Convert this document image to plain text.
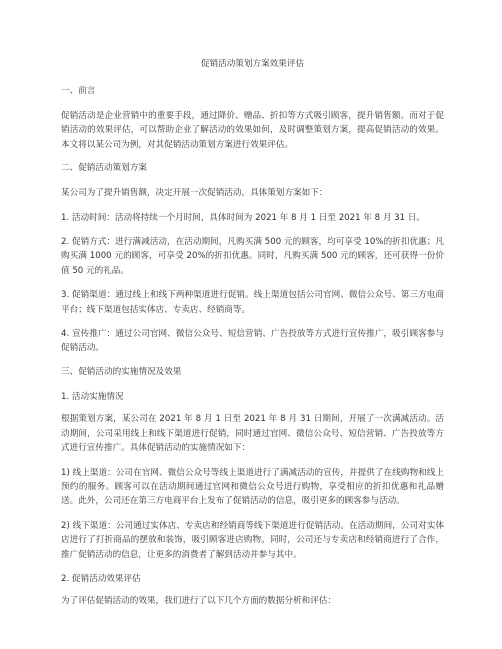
促销活动策划方案效果评估
一、前言
促销活动是企业营销中的重要手段，通过降价、赠品、折扣等方式吸引顾客，提升销售额。而对于促销活动的效果评估，可以帮助企业了解活动的效果如何，及时调整策划方案，提高促销活动的效果。本文将以某公司为例，对其促销活动策划方案进行效果评估。
二、促销活动策划方案
某公司为了提升销售额，决定开展一次促销活动，具体策划方案如下：
1. 活动时间：活动将持续一个月时间，具体时间为 2021 年 8 月 1 日至 2021 年 8 月 31 日。
2. 促销方式：进行满减活动，在活动期间，凡购买满 500 元的顾客，均可享受 10%的折扣优惠；凡购买满 1000 元的顾客，可享受 20%的折扣优惠。同时，凡购买满 500 元的顾客，还可获得一份价值 50 元的礼品。
3. 促销渠道：通过线上和线下两种渠道进行促销。线上渠道包括公司官网、微信公众号、第三方电商平台；线下渠道包括实体店、专卖店、经销商等。
4. 宣传推广：通过公司官网、微信公众号、短信营销、广告投放等方式进行宣传推广，吸引顾客参与促销活动。
三、促销活动的实施情况及效果
1. 活动实施情况
根据策划方案，某公司在 2021 年 8 月 1 日至 2021 年 8 月 31 日期间，开展了一次满减活动。活动期间，公司采用线上和线下渠道进行促销，同时通过官网、微信公众号、短信营销、广告投放等方式进行宣传推广。具体促销活动的实施情况如下：
1) 线上渠道：公司在官网、微信公众号等线上渠道进行了满减活动的宣传，并提供了在线购物和线上预约的服务。顾客可以在活动期间通过官网和微信公众号进行购物，享受相应的折扣优惠和礼品赠送。此外，公司还在第三方电商平台上发布了促销活动的信息，吸引更多的顾客参与活动。
2) 线下渠道：公司通过实体店、专卖店和经销商等线下渠道进行促销活动。在活动期间，公司对实体店进行了打折商品的摆放和装饰，吸引顾客进店购物。同时，公司还与专卖店和经销商进行了合作，推广促销活动的信息，让更多的消费者了解到活动并参与其中。
2. 促销活动效果评估
为了评估促销活动的效果，我们进行了以下几个方面的数据分析和评估：
